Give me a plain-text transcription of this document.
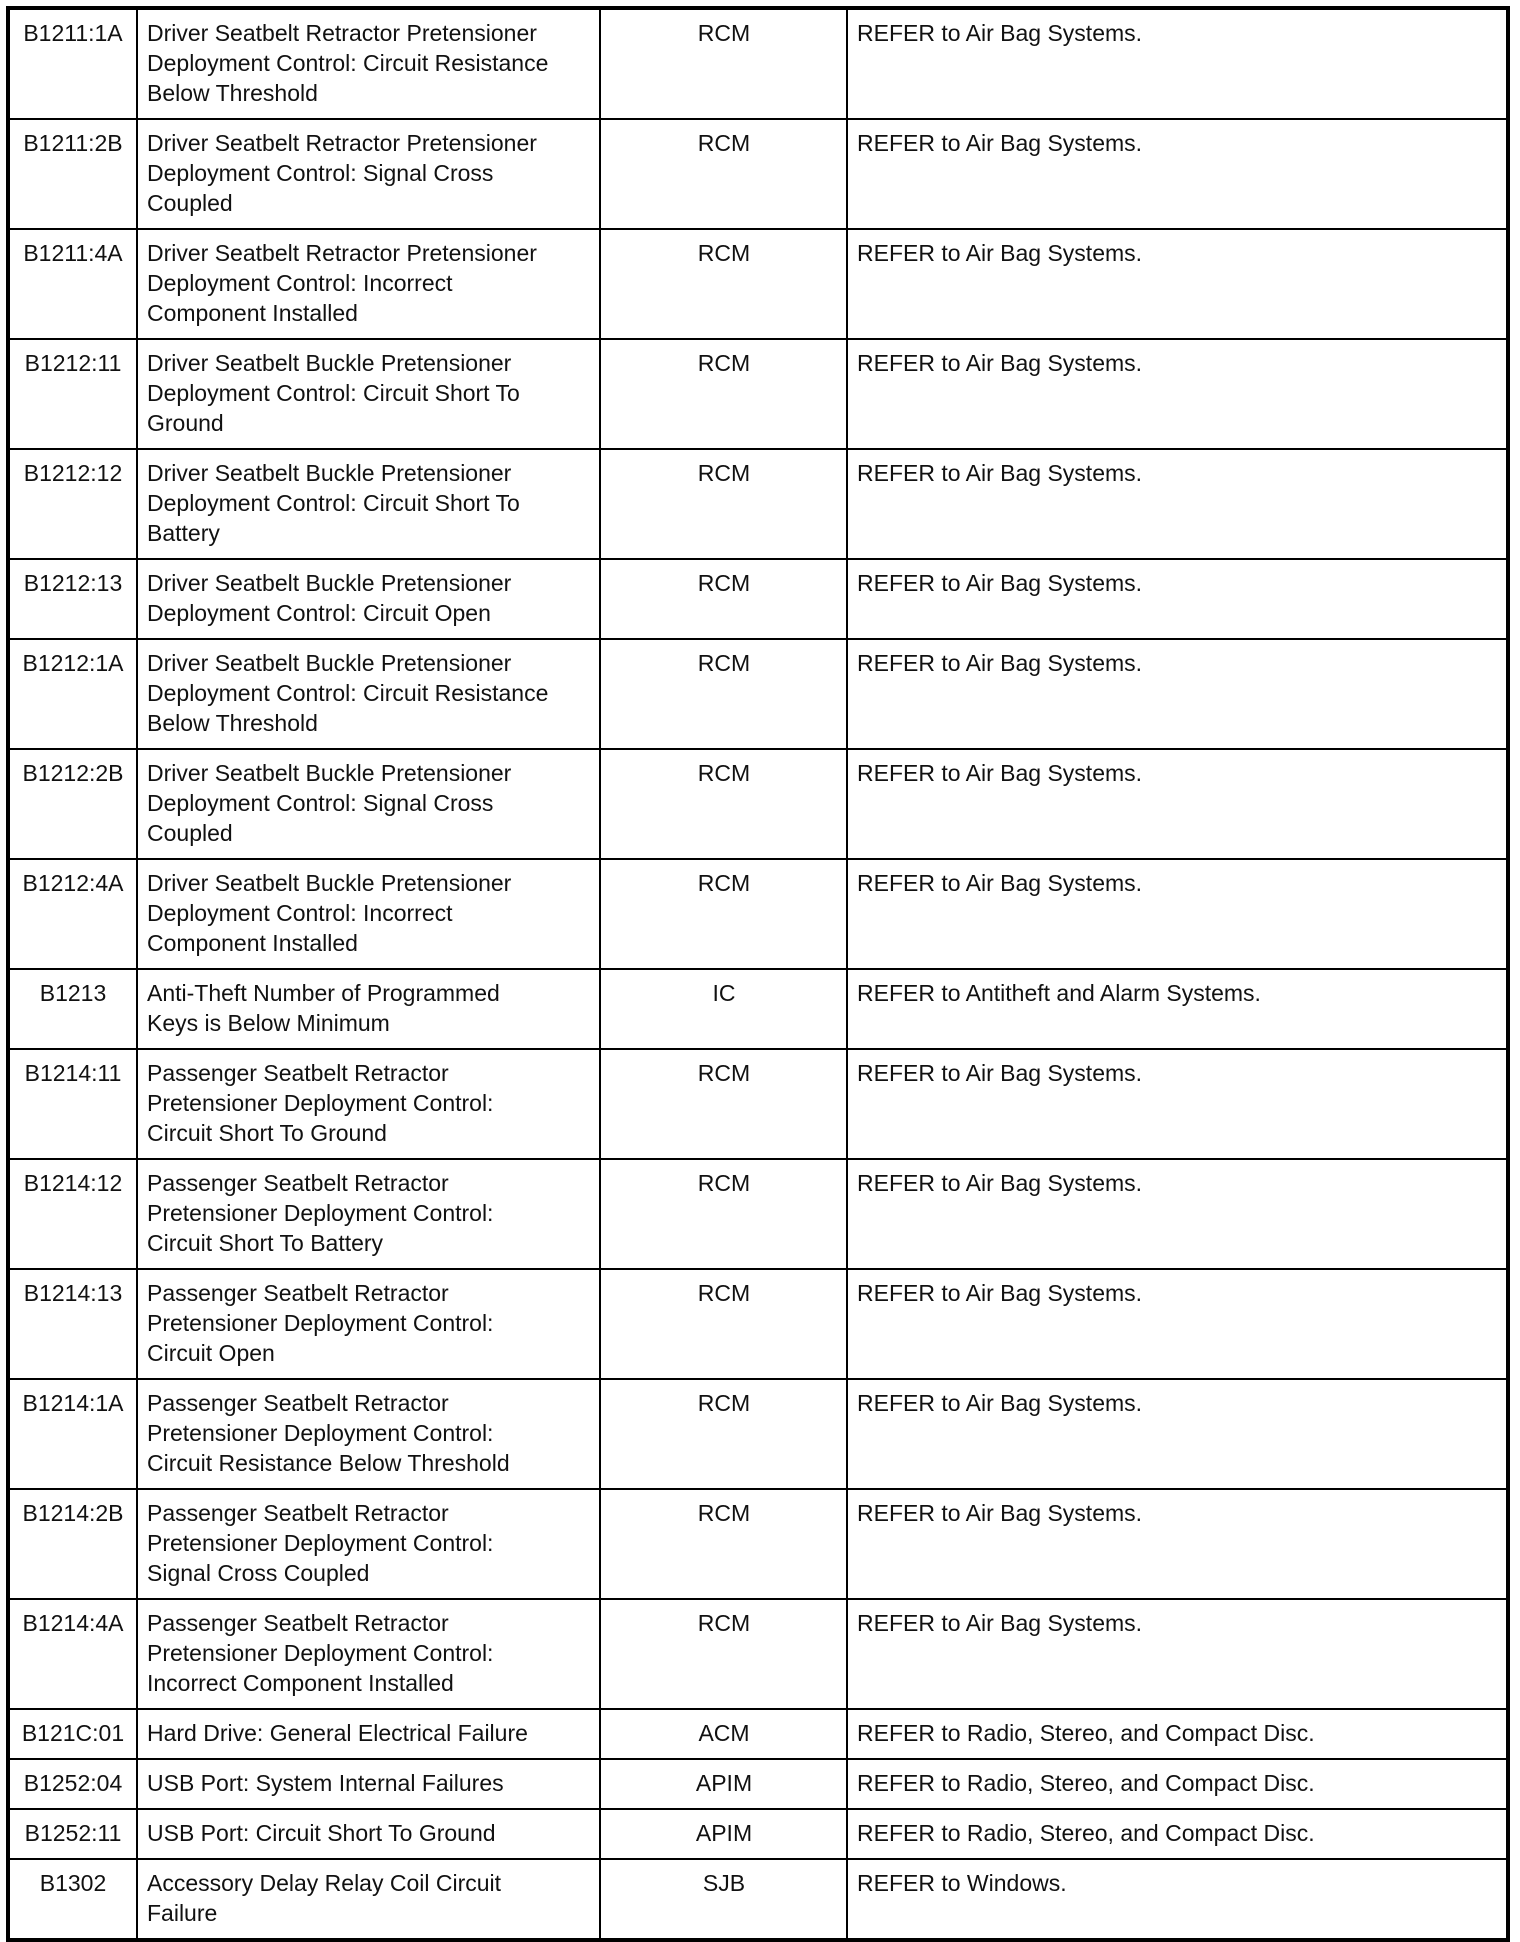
B1211:1A	Driver Seatbelt Retractor Pretensioner
Deployment Control: Circuit Resistance
Below Threshold	RCM	REFER to Air Bag Systems.
B1211:2B	Driver Seatbelt Retractor Pretensioner
Deployment Control: Signal Cross
Coupled	RCM	REFER to Air Bag Systems.
B1211:4A	Driver Seatbelt Retractor Pretensioner
Deployment Control: Incorrect
Component Installed	RCM	REFER to Air Bag Systems.
B1212:11	Driver Seatbelt Buckle Pretensioner
Deployment Control: Circuit Short To
Ground	RCM	REFER to Air Bag Systems.
B1212:12	Driver Seatbelt Buckle Pretensioner
Deployment Control: Circuit Short To
Battery	RCM	REFER to Air Bag Systems.
B1212:13	Driver Seatbelt Buckle Pretensioner
Deployment Control: Circuit Open	RCM	REFER to Air Bag Systems.
B1212:1A	Driver Seatbelt Buckle Pretensioner
Deployment Control: Circuit Resistance
Below Threshold	RCM	REFER to Air Bag Systems.
B1212:2B	Driver Seatbelt Buckle Pretensioner
Deployment Control: Signal Cross
Coupled	RCM	REFER to Air Bag Systems.
B1212:4A	Driver Seatbelt Buckle Pretensioner
Deployment Control: Incorrect
Component Installed	RCM	REFER to Air Bag Systems.
B1213	Anti-Theft Number of Programmed
Keys is Below Minimum	IC	REFER to Antitheft and Alarm Systems.
B1214:11	Passenger Seatbelt Retractor
Pretensioner Deployment Control:
Circuit Short To Ground	RCM	REFER to Air Bag Systems.
B1214:12	Passenger Seatbelt Retractor
Pretensioner Deployment Control:
Circuit Short To Battery	RCM	REFER to Air Bag Systems.
B1214:13	Passenger Seatbelt Retractor
Pretensioner Deployment Control:
Circuit Open	RCM	REFER to Air Bag Systems.
B1214:1A	Passenger Seatbelt Retractor
Pretensioner Deployment Control:
Circuit Resistance Below Threshold	RCM	REFER to Air Bag Systems.
B1214:2B	Passenger Seatbelt Retractor
Pretensioner Deployment Control:
Signal Cross Coupled	RCM	REFER to Air Bag Systems.
B1214:4A	Passenger Seatbelt Retractor
Pretensioner Deployment Control:
Incorrect Component Installed	RCM	REFER to Air Bag Systems.
B121C:01	Hard Drive: General Electrical Failure	ACM	REFER to Radio, Stereo, and Compact Disc.
B1252:04	USB Port: System Internal Failures	APIM	REFER to Radio, Stereo, and Compact Disc.
B1252:11	USB Port: Circuit Short To Ground	APIM	REFER to Radio, Stereo, and Compact Disc.
B1302	Accessory Delay Relay Coil Circuit
Failure	SJB	REFER to Windows.
